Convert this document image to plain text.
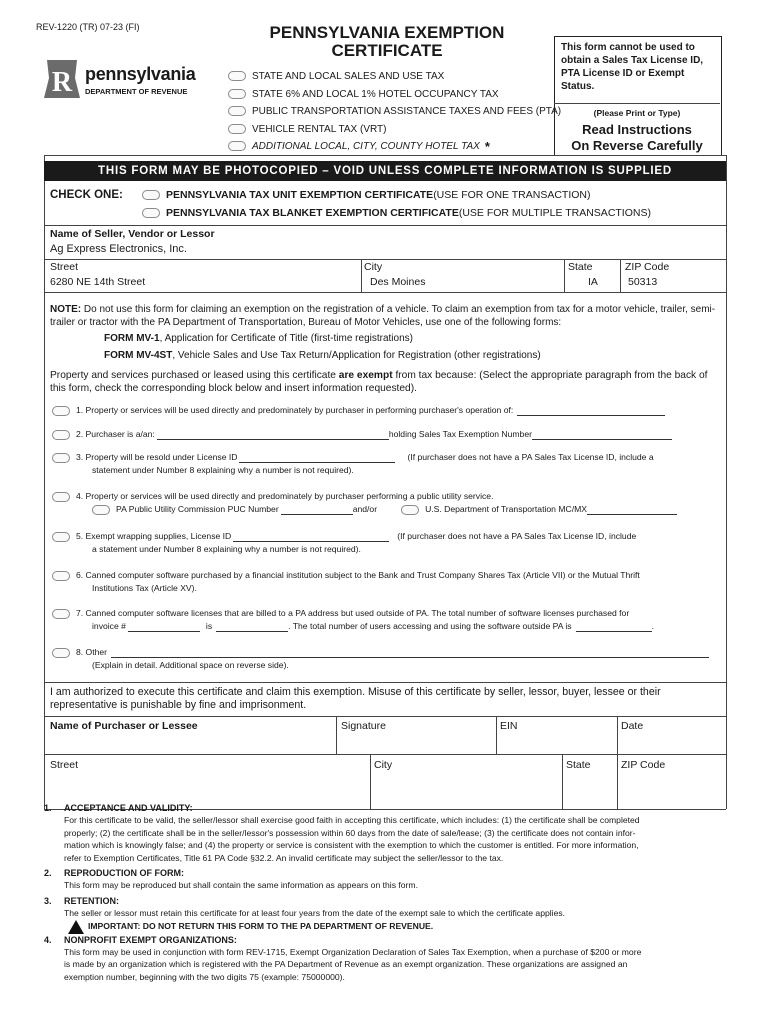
REV-1220 (TR) 07-23 (FI)
R pennsylvania
DEPARTMENT OF REVENUE
PENNSYLVANIA EXEMPTION
CERTIFICATE
STATE AND LOCAL SALES AND USE TAX
STATE 6% AND LOCAL 1% HOTEL OCCUPANCY TAX
PUBLIC TRANSPORTATION ASSISTANCE TAXES AND FEES (PTA)
VEHICLE RENTAL TAX (VRT)
ADDITIONAL LOCAL, CITY, COUNTY HOTEL TAX *
This form cannot be used to obtain a Sales Tax License ID, PTA License ID or Exempt Status.
(Please Print or Type)
Read Instructions
On Reverse Carefully
THIS FORM MAY BE PHOTOCOPIED – VOID UNLESS COMPLETE INFORMATION IS SUPPLIED
CHECK ONE:	PENNSYLVANIA TAX UNIT EXEMPTION CERTIFICATE (USE FOR ONE TRANSACTION)
PENNSYLVANIA TAX BLANKET EXEMPTION CERTIFICATE (USE FOR MULTIPLE TRANSACTIONS)
Name of Seller, Vendor or Lessor
Ag Express Electronics, Inc.
Street
6280 NE 14th Street
City
Des Moines
State
IA
ZIP Code
50313
NOTE: Do not use this form for claiming an exemption on the registration of a vehicle. To claim an exemption from tax for a motor vehicle, trailer, semi-trailer or tractor with the PA Department of Transportation, Bureau of Motor Vehicles, use one of the following forms:
FORM MV-1, Application for Certificate of Title (first-time registrations)
FORM MV-4ST, Vehicle Sales and Use Tax Return/Application for Registration (other registrations)
Property and services purchased or leased using this certificate are exempt from tax because: (Select the appropriate paragraph from the back of this form, check the corresponding block below and insert information requested).
1. Property or services will be used directly and predominately by purchaser in performing purchaser's operation of:
2. Purchaser is a/an:	holding Sales Tax Exemption Number
3. Property will be resold under License ID	(If purchaser does not have a PA Sales Tax License ID, include a
statement under Number 8 explaining why a number is not required).
4. Property or services will be used directly and predominately by purchaser performing a public utility service.
PA Public Utility Commission PUC Number	and/or	U.S. Department of Transportation MC/MX
5. Exempt wrapping supplies, License ID	(If purchaser does not have a PA Sales Tax License ID, include
a statement under Number 8 explaining why a number is not required).
6. Canned computer software purchased by a financial institution subject to the Bank and Trust Company Shares Tax (Article VII) or the Mutual Thrift
Institutions Tax (Article XV).
7. Canned computer software licenses that are billed to a PA address but used outside of PA. The total number of software licenses purchased for
invoice #	is	. The total number of users accessing and using the software outside PA is	.
8. Other
(Explain in detail. Additional space on reverse side).
I am authorized to execute this certificate and claim this exemption. Misuse of this certificate by seller, lessor, buyer, lessee or their representative is punishable by fine and imprisonment.
Name of Purchaser or Lessee	Signature	EIN	Date
Street	City	State	ZIP Code
1. ACCEPTANCE AND VALIDITY:
For this certificate to be valid, the seller/lessor shall exercise good faith in accepting this certificate, which includes: (1) the certificate shall be completed
properly; (2) the certificate shall be in the seller/lessor's possession within 60 days from the date of sale/lease; (3) the certificate does not contain infor-
mation which is knowingly false; and (4) the property or service is consistent with the exemption to which the customer is entitled. For more information,
refer to Exemption Certificates, Title 61 PA Code §32.2. An invalid certificate may subject the seller/lessor to the tax.
2. REPRODUCTION OF FORM:
This form may be reproduced but shall contain the same information as appears on this form.
3. RETENTION:
The seller or lessor must retain this certificate for at least four years from the date of the exempt sale to which the certificate applies.
IMPORTANT: DO NOT RETURN THIS FORM TO THE PA DEPARTMENT OF REVENUE.
4. NONPROFIT EXEMPT ORGANIZATIONS:
This form may be used in conjunction with form REV-1715, Exempt Organization Declaration of Sales Tax Exemption, when a purchase of $200 or more
is made by an organization which is registered with the PA Department of Revenue as an exempt organization. These organizations are assigned an
exemption number, beginning with the two digits 75 (example: 75000000).
